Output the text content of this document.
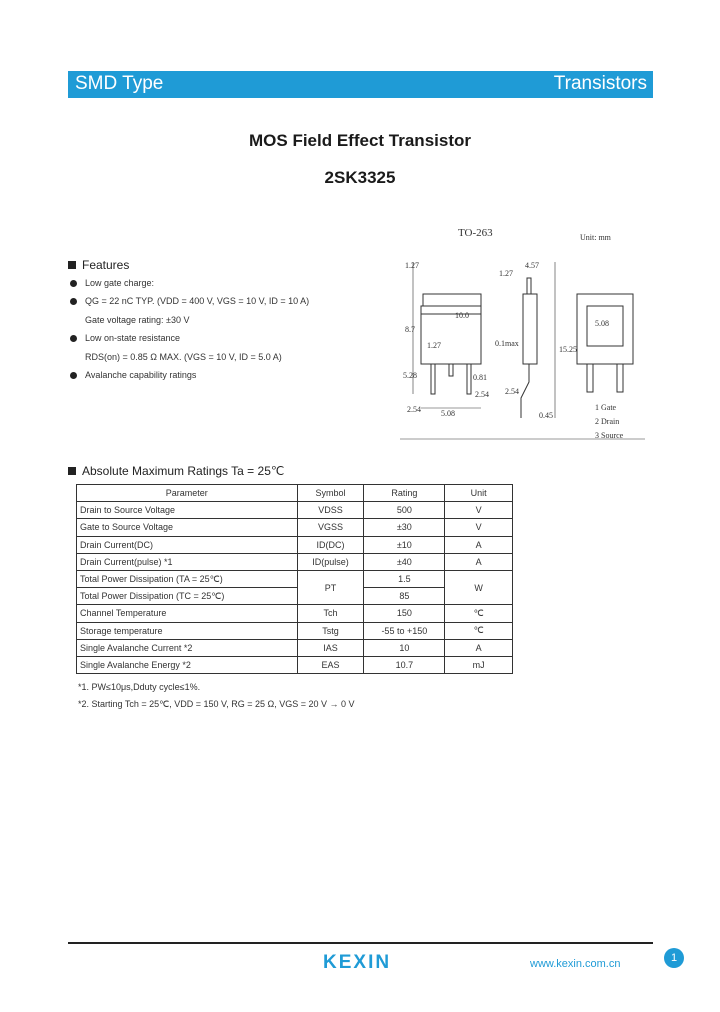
SMD Type	Transistors
MOS Field Effect Transistor
2SK3325
TO-263	Unit: mm
1.27	4.57
1.27
8.7
10.0
1.27	0.1max
15.25
5.08
5.28	0.81
2.54 2.54
2.54	5.08	0.45
1 Gate
2 Drain
3 Source
Features
Low gate charge:
QG = 22 nC TYP. (VDD = 400 V, VGS = 10 V, ID = 10 A)
Gate voltage rating: ±30 V
Low on-state resistance
RDS(on) = 0.85 Ω MAX. (VGS = 10 V, ID = 5.0 A)
Avalanche capability ratings
Absolute Maximum Ratings Ta = 25℃
Parameter	Symbol	Rating	Unit
Drain to Source Voltage	VDSS	500	V
Gate to Source Voltage	VGSS	±30	V
Drain Current(DC)	ID(DC)	±10	A
Drain Current(pulse) *1	ID(pulse)	±40	A
Total Power Dissipation (TA = 25℃)	PT	1.5	W
Total Power Dissipation (TC = 25℃)		85	
Channel Temperature	Tch	150	℃
Storage temperature	Tstg	-55 to +150	℃
Single Avalanche Current *2	IAS	10	A
Single Avalanche Energy *2	EAS	10.7	mJ
*1. PW≤10μs,Dduty cycle≤1%.
*2. Starting Tch = 25℃, VDD = 150 V, RG = 25 Ω, VGS = 20 V → 0 V
KEXIN	www.kexin.com.cn	1
